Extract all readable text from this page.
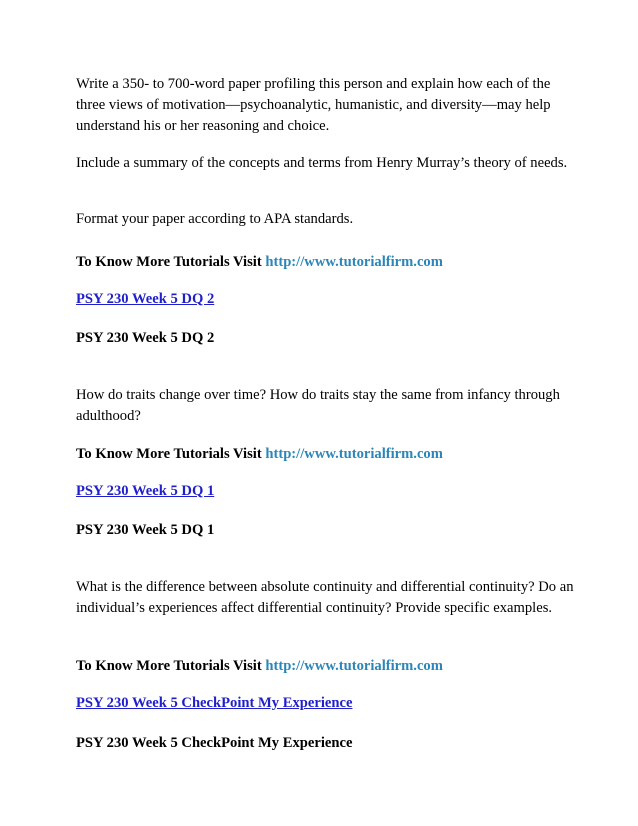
Write a 350- to 700-word paper profiling this person and explain how each of the three views of motivation—psychoanalytic, humanistic, and diversity—may help understand his or her reasoning and choice.

Include a summary of the concepts and terms from Henry Murray’s theory of needs.

Format your paper according to APA standards.

To Know More Tutorials Visit http://www.tutorialfirm.com

PSY 230 Week 5 DQ 2

PSY 230 Week 5 DQ 2

How do traits change over time? How do traits stay the same from infancy through adulthood?

To Know More Tutorials Visit http://www.tutorialfirm.com

PSY 230 Week 5 DQ 1

PSY 230 Week 5 DQ 1

What is the difference between absolute continuity and differential continuity? Do an individual’s experiences affect differential continuity? Provide specific examples.

To Know More Tutorials Visit http://www.tutorialfirm.com

PSY 230 Week 5 CheckPoint My Experience

PSY 230 Week 5 CheckPoint My Experience
